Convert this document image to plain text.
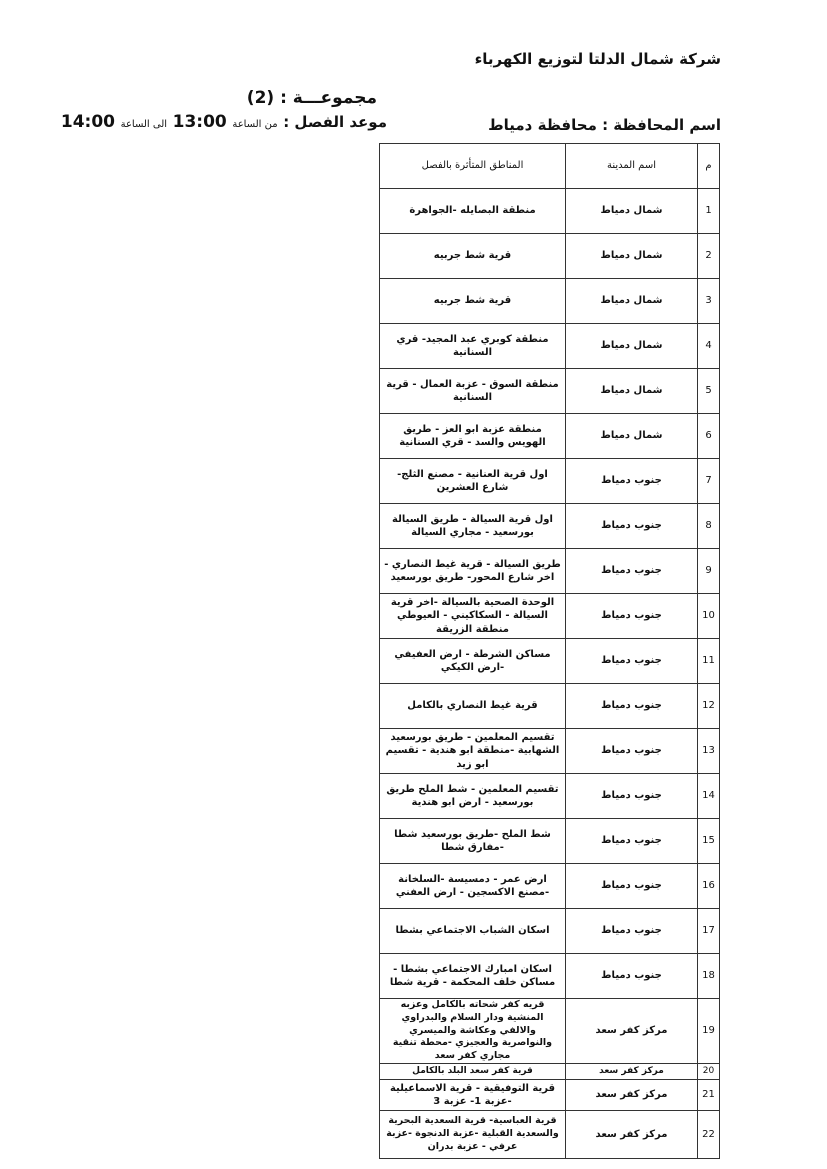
شركة شمال الدلتا لتوزيع الكهرباء
مجموعـــة : (2)
موعد الفصل : من الساعة 13:00 الى الساعة 14:00	اسم المحافظة : محافظة دمياط
م	اسم المدينة	المناطق المتأثرة بالفصل
1	شمال دمياط	منطقة البصايله -الجواهرة
2	شمال دمياط	قرية شط جربيه
3	شمال دمياط	قرية شط جربيه
4	شمال دمياط	منطقة كوبري عبد المجيد- قري السنانية
5	شمال دمياط	منطقة السوق - عزبة العمال - قرية السنانية
6	شمال دمياط	منطقة عزبة ابو العز - طريق الهويس والسد - قري السنانية
7	جنوب دمياط	اول قرية العنانية - مصنع الثلج- شارع العشرين
8	جنوب دمياط	اول قرية السيالة - طريق السيالة بورسعيد - مجاري السيالة
9	جنوب دمياط	طريق السيالة - قرية غيط النصاري - اخر شارع المحور- طريق بورسعيد
10	جنوب دمياط	الوحدة الصحية بالسيالة -اخر قرية السيالة - السكاكيني - العيوطي منطقة الزريقة
11	جنوب دمياط	مساكن الشرطة - ارض العفيفي -ارض الكيكي
12	جنوب دمياط	قرية غيط النصاري بالكامل
13	جنوب دمياط	تقسيم المعلمين - طريق بورسعيد الشهابية -منطقة ابو هندية - تقسيم ابو زيد
14	جنوب دمياط	تقسيم المعلمين - شط الملح طريق بورسعيد - ارض ابو هندية
15	جنوب دمياط	شط الملح -طريق بورسعيد شطا -مفارق شطا
16	جنوب دمياط	ارض عمر - دمسيسة -السلخانة -مصنع الاكسجين - ارض العفني
17	جنوب دمياط	اسكان الشباب الاجتماعي بشطا
18	جنوب دمياط	اسكان امبارك الاجتماعي بشطا - مساكن خلف المحكمة - قرية شطا
19	مركز كفر سعد	قريه كفر شحاته بالكامل وعزبه المنشية ودار السلام والبدراوي والالفي وعكاشة والميسري والنواصرية والعجيزي -محطة تنقية مجاري كفر سعد
20	مركز كفر سعد	قرية كفر سعد البلد بالكامل
21	مركز كفر سعد	قرية التوفيقية - قرية الاسماعيلية -عزبة 1- عزبة 3
22	مركز كفر سعد	قرية العباسية- قرية السعدية البحرية والسعدية القبلية -عزبة الدنجوة -عزبة عرفي - عزبة بدران
